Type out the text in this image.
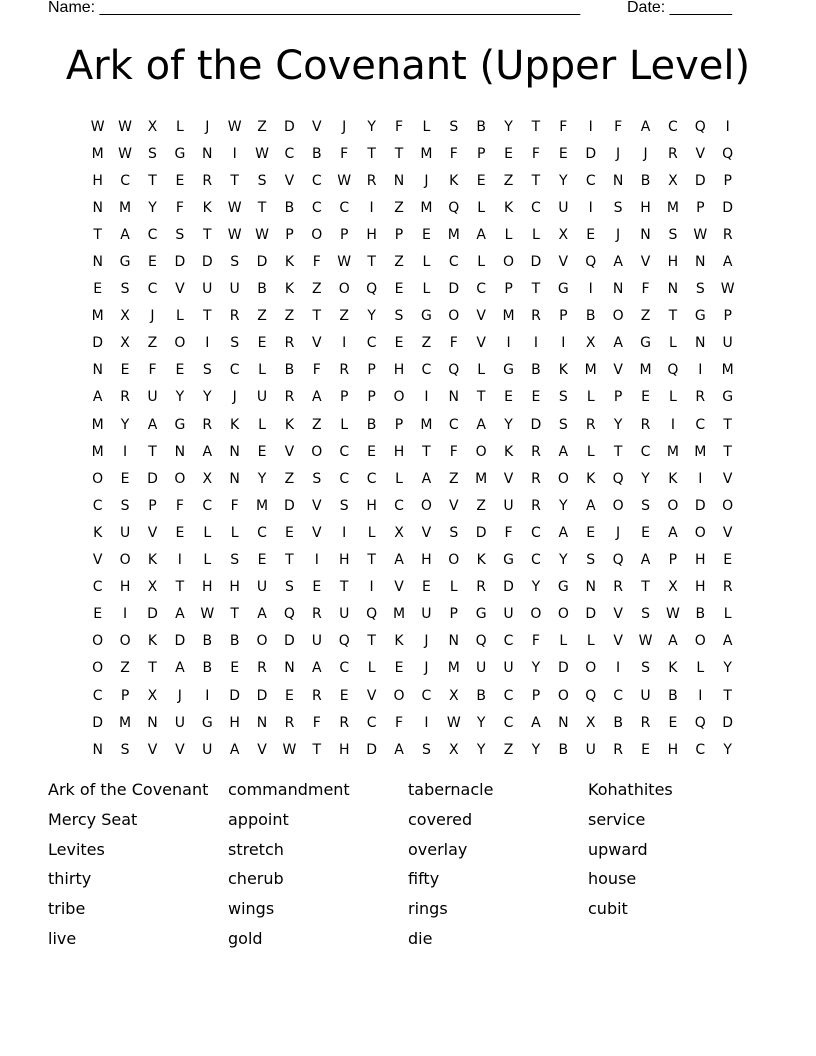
Name: ______________________________________________________	Date: _______
Ark of the Covenant (Upper Level)
W W	X	L	J	W	Z	D	V	J	Y	F	L	S	B	Y	T	F	I	F	A	C	Q	I
M	W	S	G	N	I	W	C	B	F	T	T	M	F	P	E	F	E	D	J	J	R	V	Q
H	C	T	E	R	T	S	V	C	W	R	N	J	K	E	Z	T	Y	C	N	B	X	D	P
N	M	Y	F	K	W	T	B	C	C	I	Z	M	Q	L	K	C	U	I	S	H	M	P	D
T	A	C	S	T	W W	P	O	P	H	P	E	M	A	L	L	X	E	J	N	S	W	R
N	G	E	D	D	S	D	K	F	W	T	Z	L	C	L	O	D	V	Q	A	V	H	N	A
E	S	C	V	U	U	B	K	Z	O	Q	E	L	D	C	P	T	G	I	N	F	N	S	W
M	X	J	L	T	R	Z	Z	T	Z	Y	S	G	O	V	M	R	P	B	O	Z	T	G	P
D	X	Z	O	I	S	E	R	V	I	C	E	Z	F	V	I	I	I	X	A	G	L	N	U
N	E	F	E	S	C	L	B	F	R	P	H	C	Q	L	G	B	K	M	V	M	Q	I	M
A	R	U	Y	Y	J	U	R	A	P	P	O	I	N	T	E	E	S	L	P	E	L	R	G
M	Y	A	G	R	K	L	K	Z	L	B	P	M	C	A	Y	D	S	R	Y	R	I	C	T
M	I	T	N	A	N	E	V	O	C	E	H	T	F	O	K	R	A	L	T	C	M	M	T
O	E	D	O	X	N	Y	Z	S	C	C	L	A	Z	M	V	R	O	K	Q	Y	K	I	V
C	S	P	F	C	F	M	D	V	S	H	C	O	V	Z	U	R	Y	A	O	S	O	D	O
K	U	V	E	L	L	C	E	V	I	L	X	V	S	D	F	C	A	E	J	E	A	O	V
V	O	K	I	L	S	E	T	I	H	T	A	H	O	K	G	C	Y	S	Q	A	P	H	E
C	H	X	T	H	H	U	S	E	T	I	V	E	L	R	D	Y	G	N	R	T	X	H	R
E	I	D	A	W	T	A	Q	R	U	Q	M	U	P	G	U	O	O	D	V	S	W	B	L
O	O	K	D	B	B	O	D	U	Q	T	K	J	N	Q	C	F	L	L	V	W	A	O	A
O	Z	T	A	B	E	R	N	A	C	L	E	J	M	U	U	Y	D	O	I	S	K	L	Y
C	P	X	J	I	D	D	E	R	E	V	O	C	X	B	C	P	O	Q	C	U	B	I	T
D	M	N	U	G	H	N	R	F	R	C	F	I	W	Y	C	A	N	X	B	R	E	Q	D
N	S	V	V	U	A	V	W	T	H	D	A	S	X	Y	Z	Y	B	U	R	E	H	C	Y
Ark of the Covenant	commandment	tabernacle	Kohathites
Mercy Seat	appoint	covered	service
Levites	stretch	overlay	upward
thirty	cherub	fifty	house
tribe	wings	rings	cubit
live	gold	die
